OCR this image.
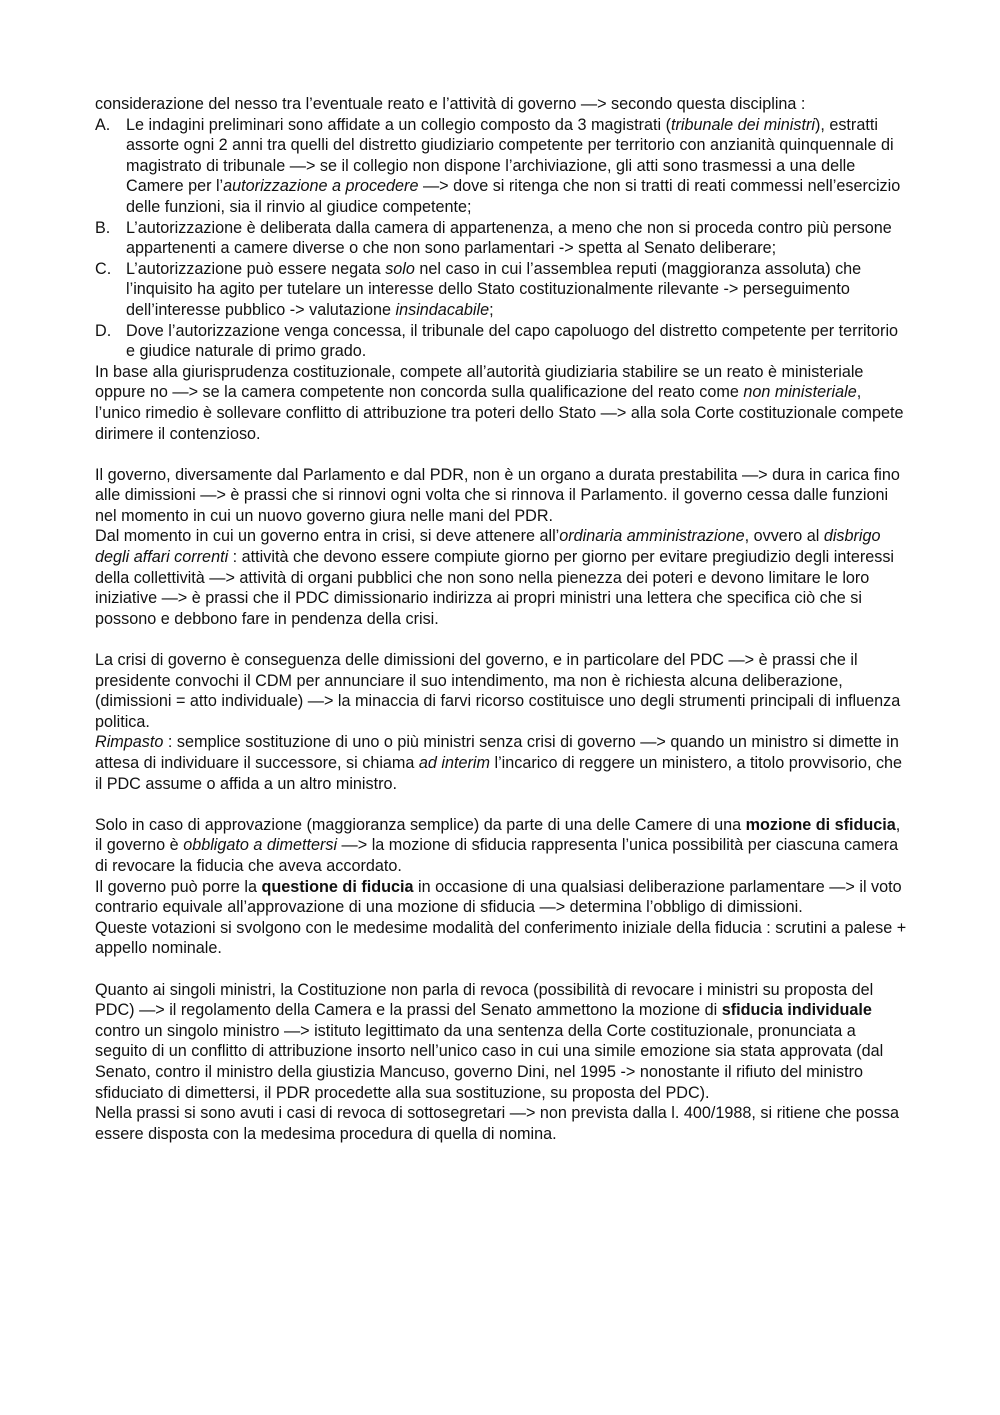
considerazione del nesso tra l’eventuale reato e l’attività di governo —> secondo questa disciplina :

A. Le indagini preliminari sono affidate a un collegio composto da 3 magistrati (tribunale dei ministri), estratti assorte ogni 2 anni tra quelli del distretto giudiziario competente per territorio con anzianità quinquennale di magistrato di tribunale —> se il collegio non dispone l’archiviazione, gli atti sono trasmessi a una delle Camere per l’autorizzazione a procedere —> dove si ritenga che non si tratti di reati commessi nell’esercizio delle funzioni, sia il rinvio al giudice competente;
B. L’autorizzazione è deliberata dalla camera di appartenenza, a meno che non si proceda contro più persone appartenenti a camere diverse o che non sono parlamentari -> spetta al Senato deliberare;
C. L’autorizzazione può essere negata solo nel caso in cui l’assemblea reputi (maggioranza assoluta) che l’inquisito ha agito per tutelare un interesse dello Stato costituzionalmente rilevante -> perseguimento dell’interesse pubblico -> valutazione insindacabile;
D. Dove l’autorizzazione venga concessa, il tribunale del capo capoluogo del distretto competente per territorio e giudice naturale di primo grado.

In base alla giurisprudenza costituzionale, compete all’autorità giudiziaria stabilire se un reato è ministeriale oppure no —> se la camera competente non concorda sulla qualificazione del reato come non ministeriale, l’unico rimedio è sollevare conflitto di attribuzione tra poteri dello Stato —> alla sola Corte costituzionale compete dirimere il contenzioso.

Il governo, diversamente dal Parlamento e dal PDR, non è un organo a durata prestabilita —> dura in carica fino alle dimissioni —> è prassi che si rinnovi ogni volta che si rinnova il Parlamento. il governo cessa dalle funzioni nel momento in cui un nuovo governo giura nelle mani del PDR.

Dal momento in cui un governo entra in crisi, si deve attenere all’ordinaria amministrazione, ovvero al disbrigo degli affari correnti : attività che devono essere compiute giorno per giorno per evitare pregiudizio degli interessi della collettività —> attività di organi pubblici che non sono nella pienezza dei poteri e devono limitare le loro iniziative —> è prassi che il PDC dimissionario indirizza ai propri ministri una lettera che specifica ciò che si possono e debbono fare in pendenza della crisi.

La crisi di governo è conseguenza delle dimissioni del governo, e in particolare del PDC —> è prassi che il presidente convochi il CDM per annunciare il suo intendimento, ma non è richiesta alcuna deliberazione, (dimissioni = atto individuale) —> la minaccia di farvi ricorso costituisce uno degli strumenti principali di influenza politica.

Rimpasto : semplice sostituzione di uno o più ministri senza crisi di governo —> quando un ministro si dimette in attesa di individuare il successore, si chiama ad interim l’incarico di reggere un ministero, a titolo provvisorio, che il PDC assume o affida a un altro ministro.

Solo in caso di approvazione (maggioranza semplice) da parte di una delle Camere di una mozione di sfiducia, il governo è obbligato a dimettersi —> la mozione di sfiducia rappresenta l’unica possibilità per ciascuna camera di revocare la fiducia che aveva accordato.

Il governo può porre la questione di fiducia in occasione di una qualsiasi deliberazione parlamentare —> il voto contrario equivale all’approvazione di una mozione di sfiducia —> determina l’obbligo di dimissioni.

Queste votazioni si svolgono con le medesime modalità del conferimento iniziale della fiducia : scrutini a palese + appello nominale.

Quanto ai singoli ministri, la Costituzione non parla di revoca (possibilità di revocare i ministri su proposta del PDC) —> il regolamento della Camera e la prassi del Senato ammettono la mozione di sfiducia individuale contro un singolo ministro —> istituto legittimato da una sentenza della Corte costituzionale, pronunciata a seguito di un conflitto di attribuzione insorto nell’unico caso in cui una simile emozione sia stata approvata (dal Senato, contro il ministro della giustizia Mancuso, governo Dini, nel 1995 -> nonostante il rifiuto del ministro sfiduciato di dimettersi, il PDR procedette alla sua sostituzione, su proposta del PDC).

Nella prassi si sono avuti i casi di revoca di sottosegretari —> non prevista dalla l. 400/1988, si ritiene che possa essere disposta con la medesima procedura di quella di nomina.
